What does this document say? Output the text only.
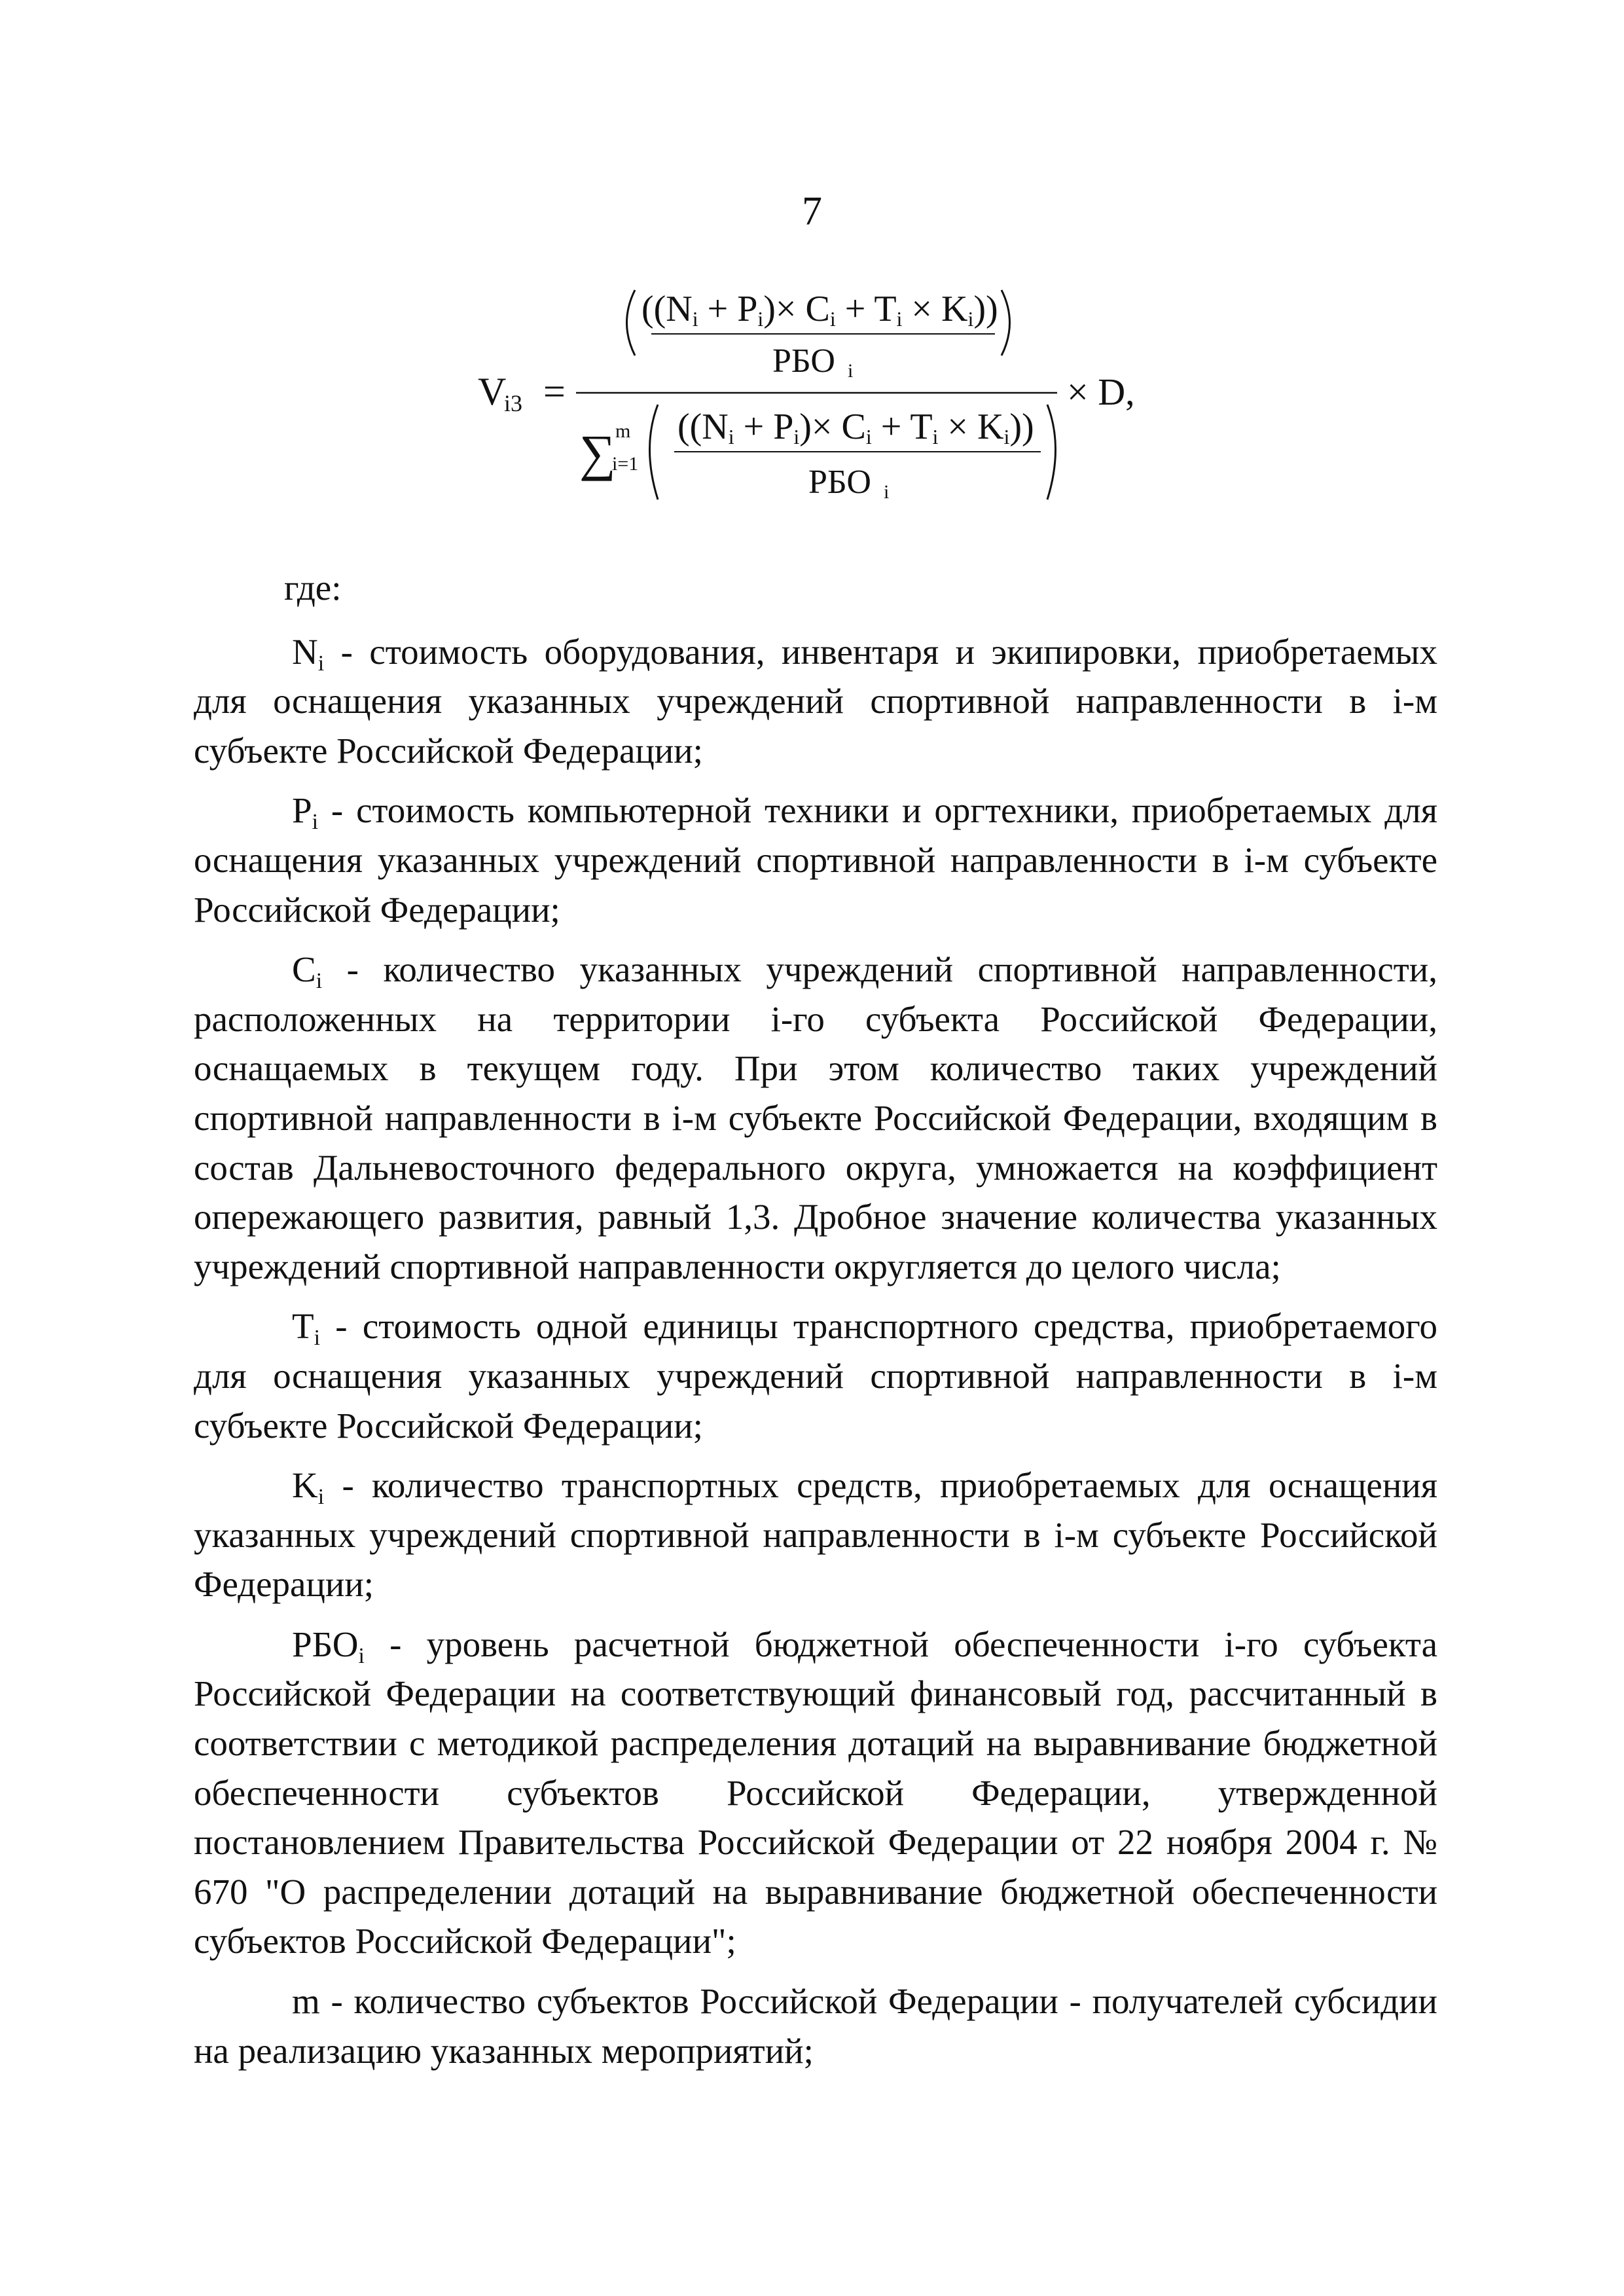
7
V
i3 =
((Ni + Pi)× Ci + Ti × Ki))
РБО i
∑ m
i=1
((Ni + Pi)× Ci + Ti × Ki))
РБО i
× D,

где:

$N_i$ - стоимость оборудования, инвентаря и экипировки, приобретаемых для оснащения указанных учреждений спортивной направленности в i-м субъекте Российской Федерации;

$P_i$ - стоимость компьютерной техники и оргтехники, приобретаемых для оснащения указанных учреждений спортивной направленности в i-м субъекте Российской Федерации;

$C_i$ - количество указанных учреждений спортивной направленности, расположенных на территории i-го субъекта Российской Федерации, оснащаемых в текущем году. При этом количество таких учреждений спортивной направленности в i-м субъекте Российской Федерации, входящим в состав Дальневосточного федерального округа, умножается на коэффициент опережающего развития, равный 1,3. Дробное значение количества указанных учреждений спортивной направленности округляется до целого числа;

$T_i$ - стоимость одной единицы транспортного средства, приобретаемого для оснащения указанных учреждений спортивной направленности в i-м субъекте Российской Федерации;

$K_i$ - количество транспортных средств, приобретаемых для оснащения указанных учреждений спортивной направленности в i-м субъекте Российской Федерации;

$РБО_i$ - уровень расчетной бюджетной обеспеченности i-го субъекта Российской Федерации на соответствующий финансовый год, рассчитанный в соответствии с методикой распределения дотаций на выравнивание бюджетной обеспеченности субъектов Российской Федерации, утвержденной постановлением Правительства Российской Федерации от 22 ноября 2004 г. № 670 "О распределении дотаций на выравнивание бюджетной обеспеченности субъектов Российской Федерации";

m - количество субъектов Российской Федерации - получателей субсидии на реализацию указанных мероприятий;
